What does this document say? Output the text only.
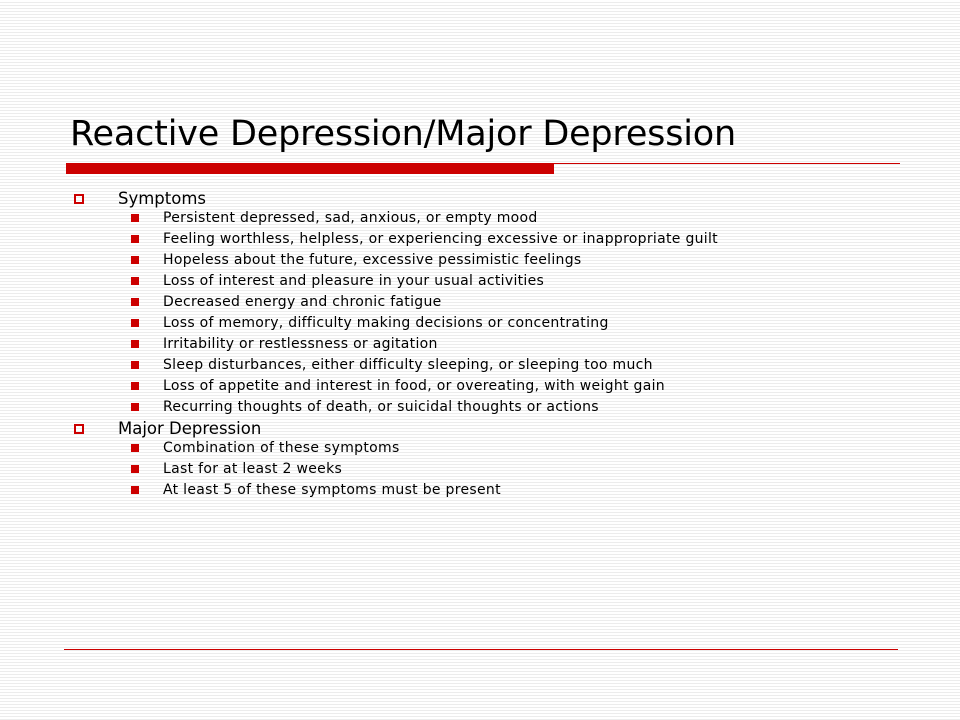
Reactive Depression/Major Depression
Symptoms
Persistent depressed, sad, anxious, or empty mood
Feeling worthless, helpless, or experiencing excessive or inappropriate guilt
Hopeless about the future, excessive pessimistic feelings
Loss of interest and pleasure in your usual activities
Decreased energy and chronic fatigue
Loss of memory, difficulty making decisions or concentrating
Irritability or restlessness or agitation
Sleep disturbances, either difficulty sleeping, or sleeping too much
Loss of appetite and interest in food, or overeating, with weight gain
Recurring thoughts of death, or suicidal thoughts or actions
Major Depression
Combination of these symptoms
Last for at least 2 weeks
At least 5 of these symptoms must be present
